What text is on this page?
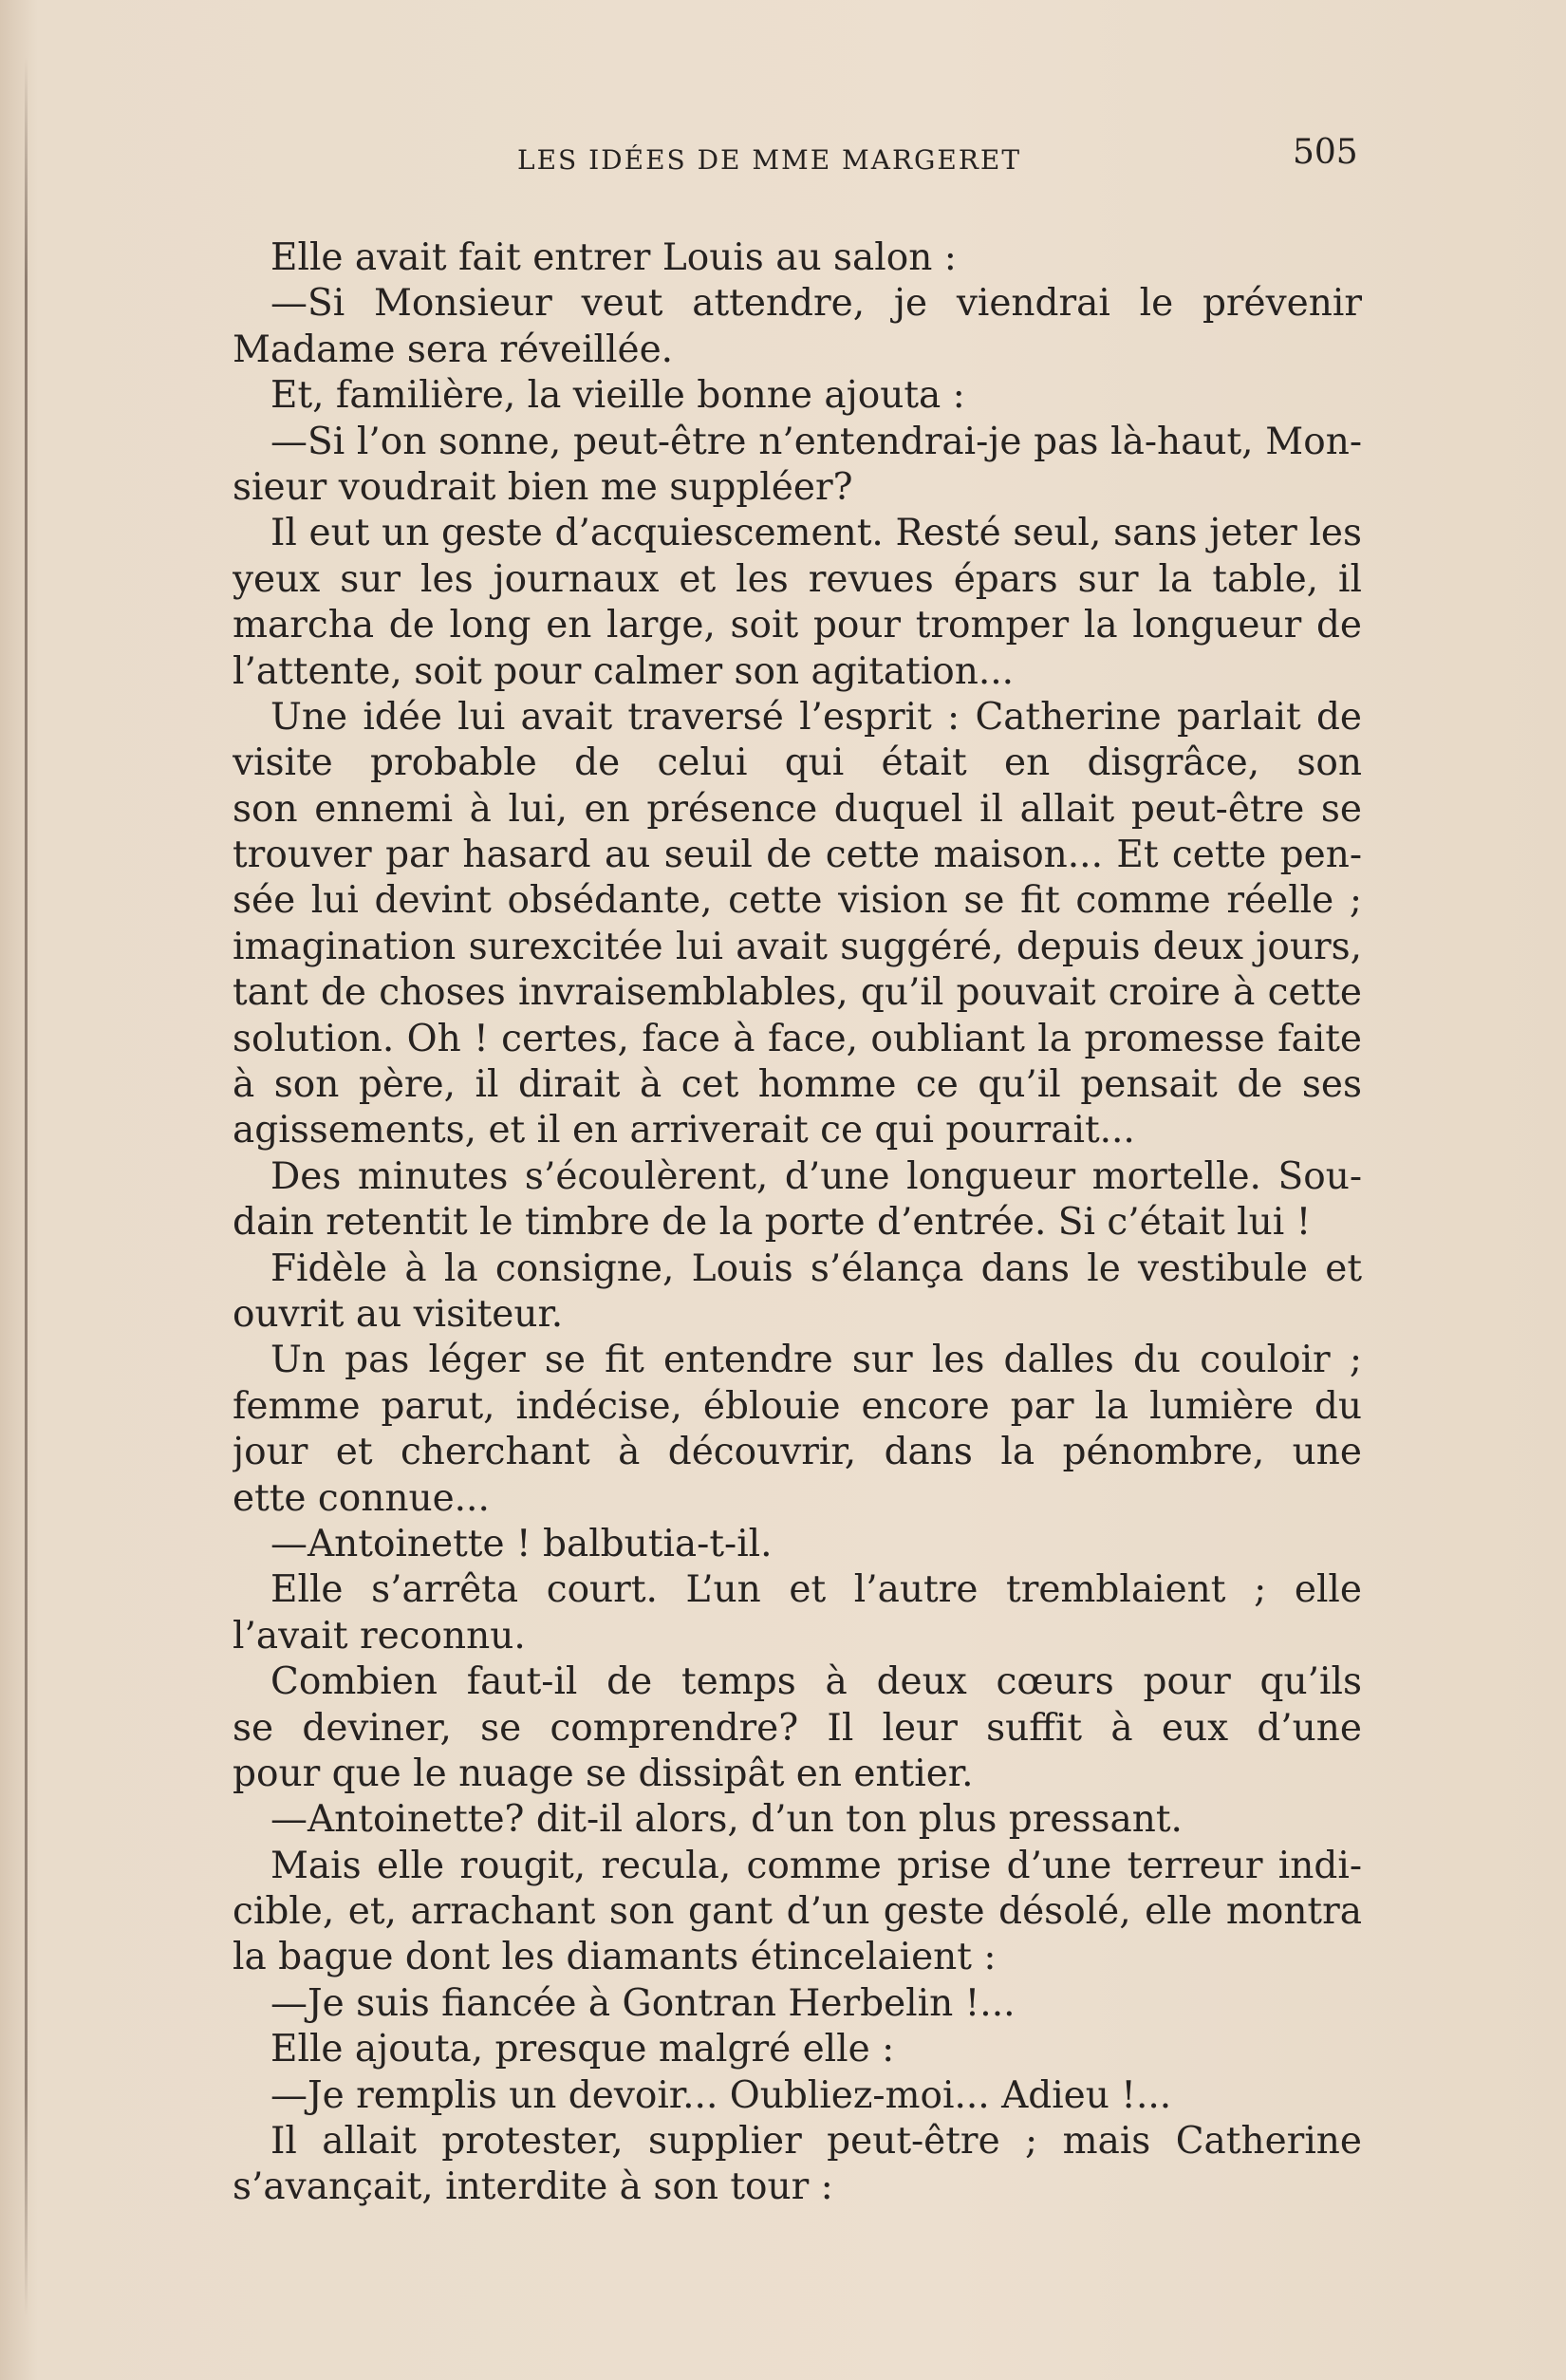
LES IDÉES DE MME MARGERET	505
Elle avait fait entrer Louis au salon :
—Si Monsieur veut attendre, je viendrai le prévenir
Madame sera réveillée.
Et, familière, la vieille bonne ajouta :
—Si l’on sonne, peut-être n’entendrai-je pas là-haut, Mon-
sieur voudrait bien me suppléer?
Il eut un geste d’acquiescement. Resté seul, sans jeter les
yeux sur les journaux et les revues épars sur la table, il
marcha de long en large, soit pour tromper la longueur de
l’attente, soit pour calmer son agitation...
Une idée lui avait traversé l’esprit : Catherine parlait de
visite probable de celui qui était en disgrâce, son
son ennemi à lui, en présence duquel il allait peut-être se
trouver par hasard au seuil de cette maison... Et cette pen-
sée lui devint obsédante, cette vision se fit comme réelle ;
imagination surexcitée lui avait suggéré, depuis deux jours,
tant de choses invraisemblables, qu’il pouvait croire à cette
solution. Oh ! certes, face à face, oubliant la promesse faite
à son père, il dirait à cet homme ce qu’il pensait de ses
agissements, et il en arriverait ce qui pourrait...
Des minutes s’écoulèrent, d’une longueur mortelle. Sou-
dain retentit le timbre de la porte d’entrée. Si c’était lui !
Fidèle à la consigne, Louis s’élança dans le vestibule et
ouvrit au visiteur.
Un pas léger se fit entendre sur les dalles du couloir ;
femme parut, indécise, éblouie encore par la lumière du
jour et cherchant à découvrir, dans la pénombre, une
ette connue...
—Antoinette ! balbutia-t-il.
Elle s’arrêta court. L’un et l’autre tremblaient ; elle
l’avait reconnu.
Combien faut-il de temps à deux cœurs pour qu’ils
se deviner, se comprendre? Il leur suffit à eux d’une
pour que le nuage se dissipât en entier.
—Antoinette? dit-il alors, d’un ton plus pressant.
Mais elle rougit, recula, comme prise d’une terreur indi-
cible, et, arrachant son gant d’un geste désolé, elle montra
la bague dont les diamants étincelaient :
—Je suis fiancée à Gontran Herbelin !...
Elle ajouta, presque malgré elle :
—Je remplis un devoir... Oubliez-moi... Adieu !...
Il allait protester, supplier peut-être ; mais Catherine
s’avançait, interdite à son tour :
